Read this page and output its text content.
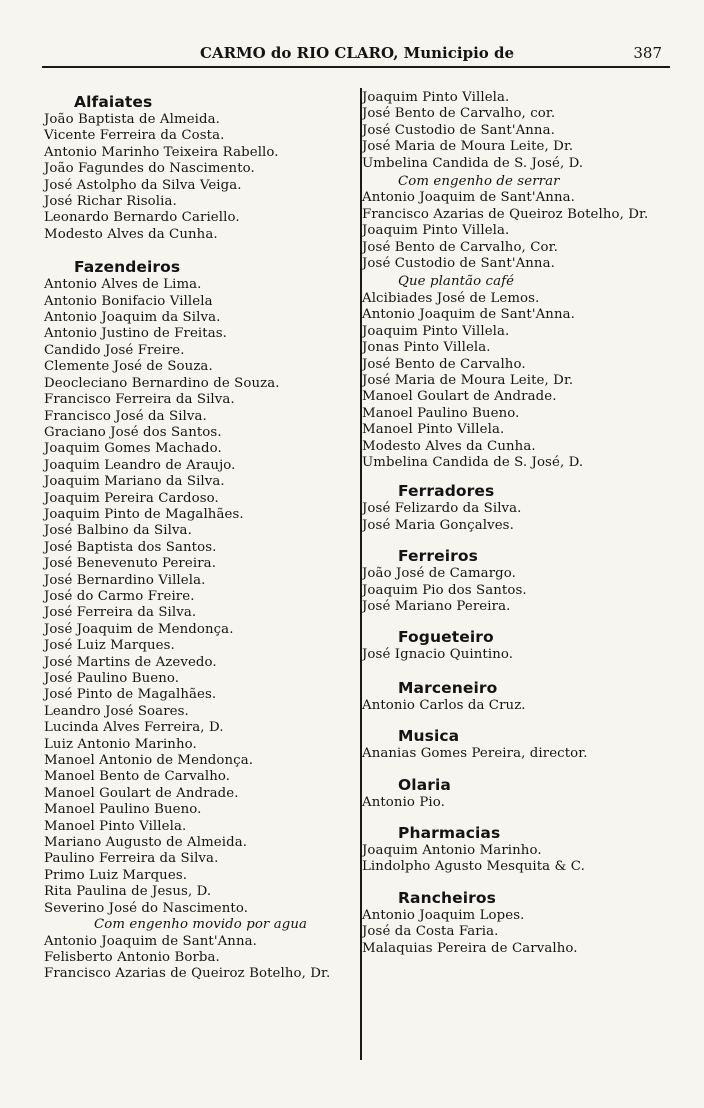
CARMO do RIO CLARO, Municipio de	387
Alfaiates
João Baptista de Almeida.
Vicente Ferreira da Costa.
Antonio Marinho Teixeira Rabello.
João Fagundes do Nascimento.
José Astolpho da Silva Veiga.
José Richar Risolia.
Leonardo Bernardo Cariello.
Modesto Alves da Cunha.
Fazendeiros
Antonio Alves de Lima.
Antonio Bonifacio Villela
Antonio Joaquim da Silva.
Antonio Justino de Freitas.
Candido José Freire.
Clemente José de Souza.
Deocleciano Bernardino de Souza.
Francisco Ferreira da Silva.
Francisco José da Silva.
Graciano José dos Santos.
Joaquim Gomes Machado.
Joaquim Leandro de Araujo.
Joaquim Mariano da Silva.
Joaquim Pereira Cardoso.
Joaquim Pinto de Magalhães.
José Balbino da Silva.
José Baptista dos Santos.
José Benevenuto Pereira.
José Bernardino Villela.
José do Carmo Freire.
José Ferreira da Silva.
José Joaquim de Mendonça.
José Luiz Marques.
José Martins de Azevedo.
José Paulino Bueno.
José Pinto de Magalhães.
Leandro José Soares.
Lucinda Alves Ferreira, D.
Luiz Antonio Marinho.
Manoel Antonio de Mendonça.
Manoel Bento de Carvalho.
Manoel Goulart de Andrade.
Manoel Paulino Bueno.
Manoel Pinto Villela.
Mariano Augusto de Almeida.
Paulino Ferreira da Silva.
Primo Luiz Marques.
Rita Paulina de Jesus, D.
Severino José do Nascimento.
Com engenho movido por agua
Antonio Joaquim de Sant'Anna.
Felisberto Antonio Borba.
Francisco Azarias de Queiroz Botelho, Dr.
Joaquim Pinto Villela.
José Bento de Carvalho, cor.
José Custodio de Sant'Anna.
José Maria de Moura Leite, Dr.
Umbelina Candida de S. José, D.
Com engenho de serrar
Antonio Joaquim de Sant'Anna.
Francisco Azarias de Queiroz Botelho, Dr.
Joaquim Pinto Villela.
José Bento de Carvalho, Cor.
José Custodio de Sant'Anna.
Que plantão café
Alcibiades José de Lemos.
Antonio Joaquim de Sant'Anna.
Joaquim Pinto Villela.
Jonas Pinto Villela.
José Bento de Carvalho.
José Maria de Moura Leite, Dr.
Manoel Goulart de Andrade.
Manoel Paulino Bueno.
Manoel Pinto Villela.
Modesto Alves da Cunha.
Umbelina Candida de S. José, D.
Ferradores
José Felizardo da Silva.
José Maria Gonçalves.
Ferreiros
João José de Camargo.
Joaquim Pio dos Santos.
José Mariano Pereira.
Fogueteiro
José Ignacio Quintino.
Marceneiro
Antonio Carlos da Cruz.
Musica
Ananias Gomes Pereira, director.
Olaria
Antonio Pio.
Pharmacias
Joaquim Antonio Marinho.
Lindolpho Agusto Mesquita & C.
Rancheiros
Antonio Joaquim Lopes.
José da Costa Faria.
Malaquias Pereira de Carvalho.
